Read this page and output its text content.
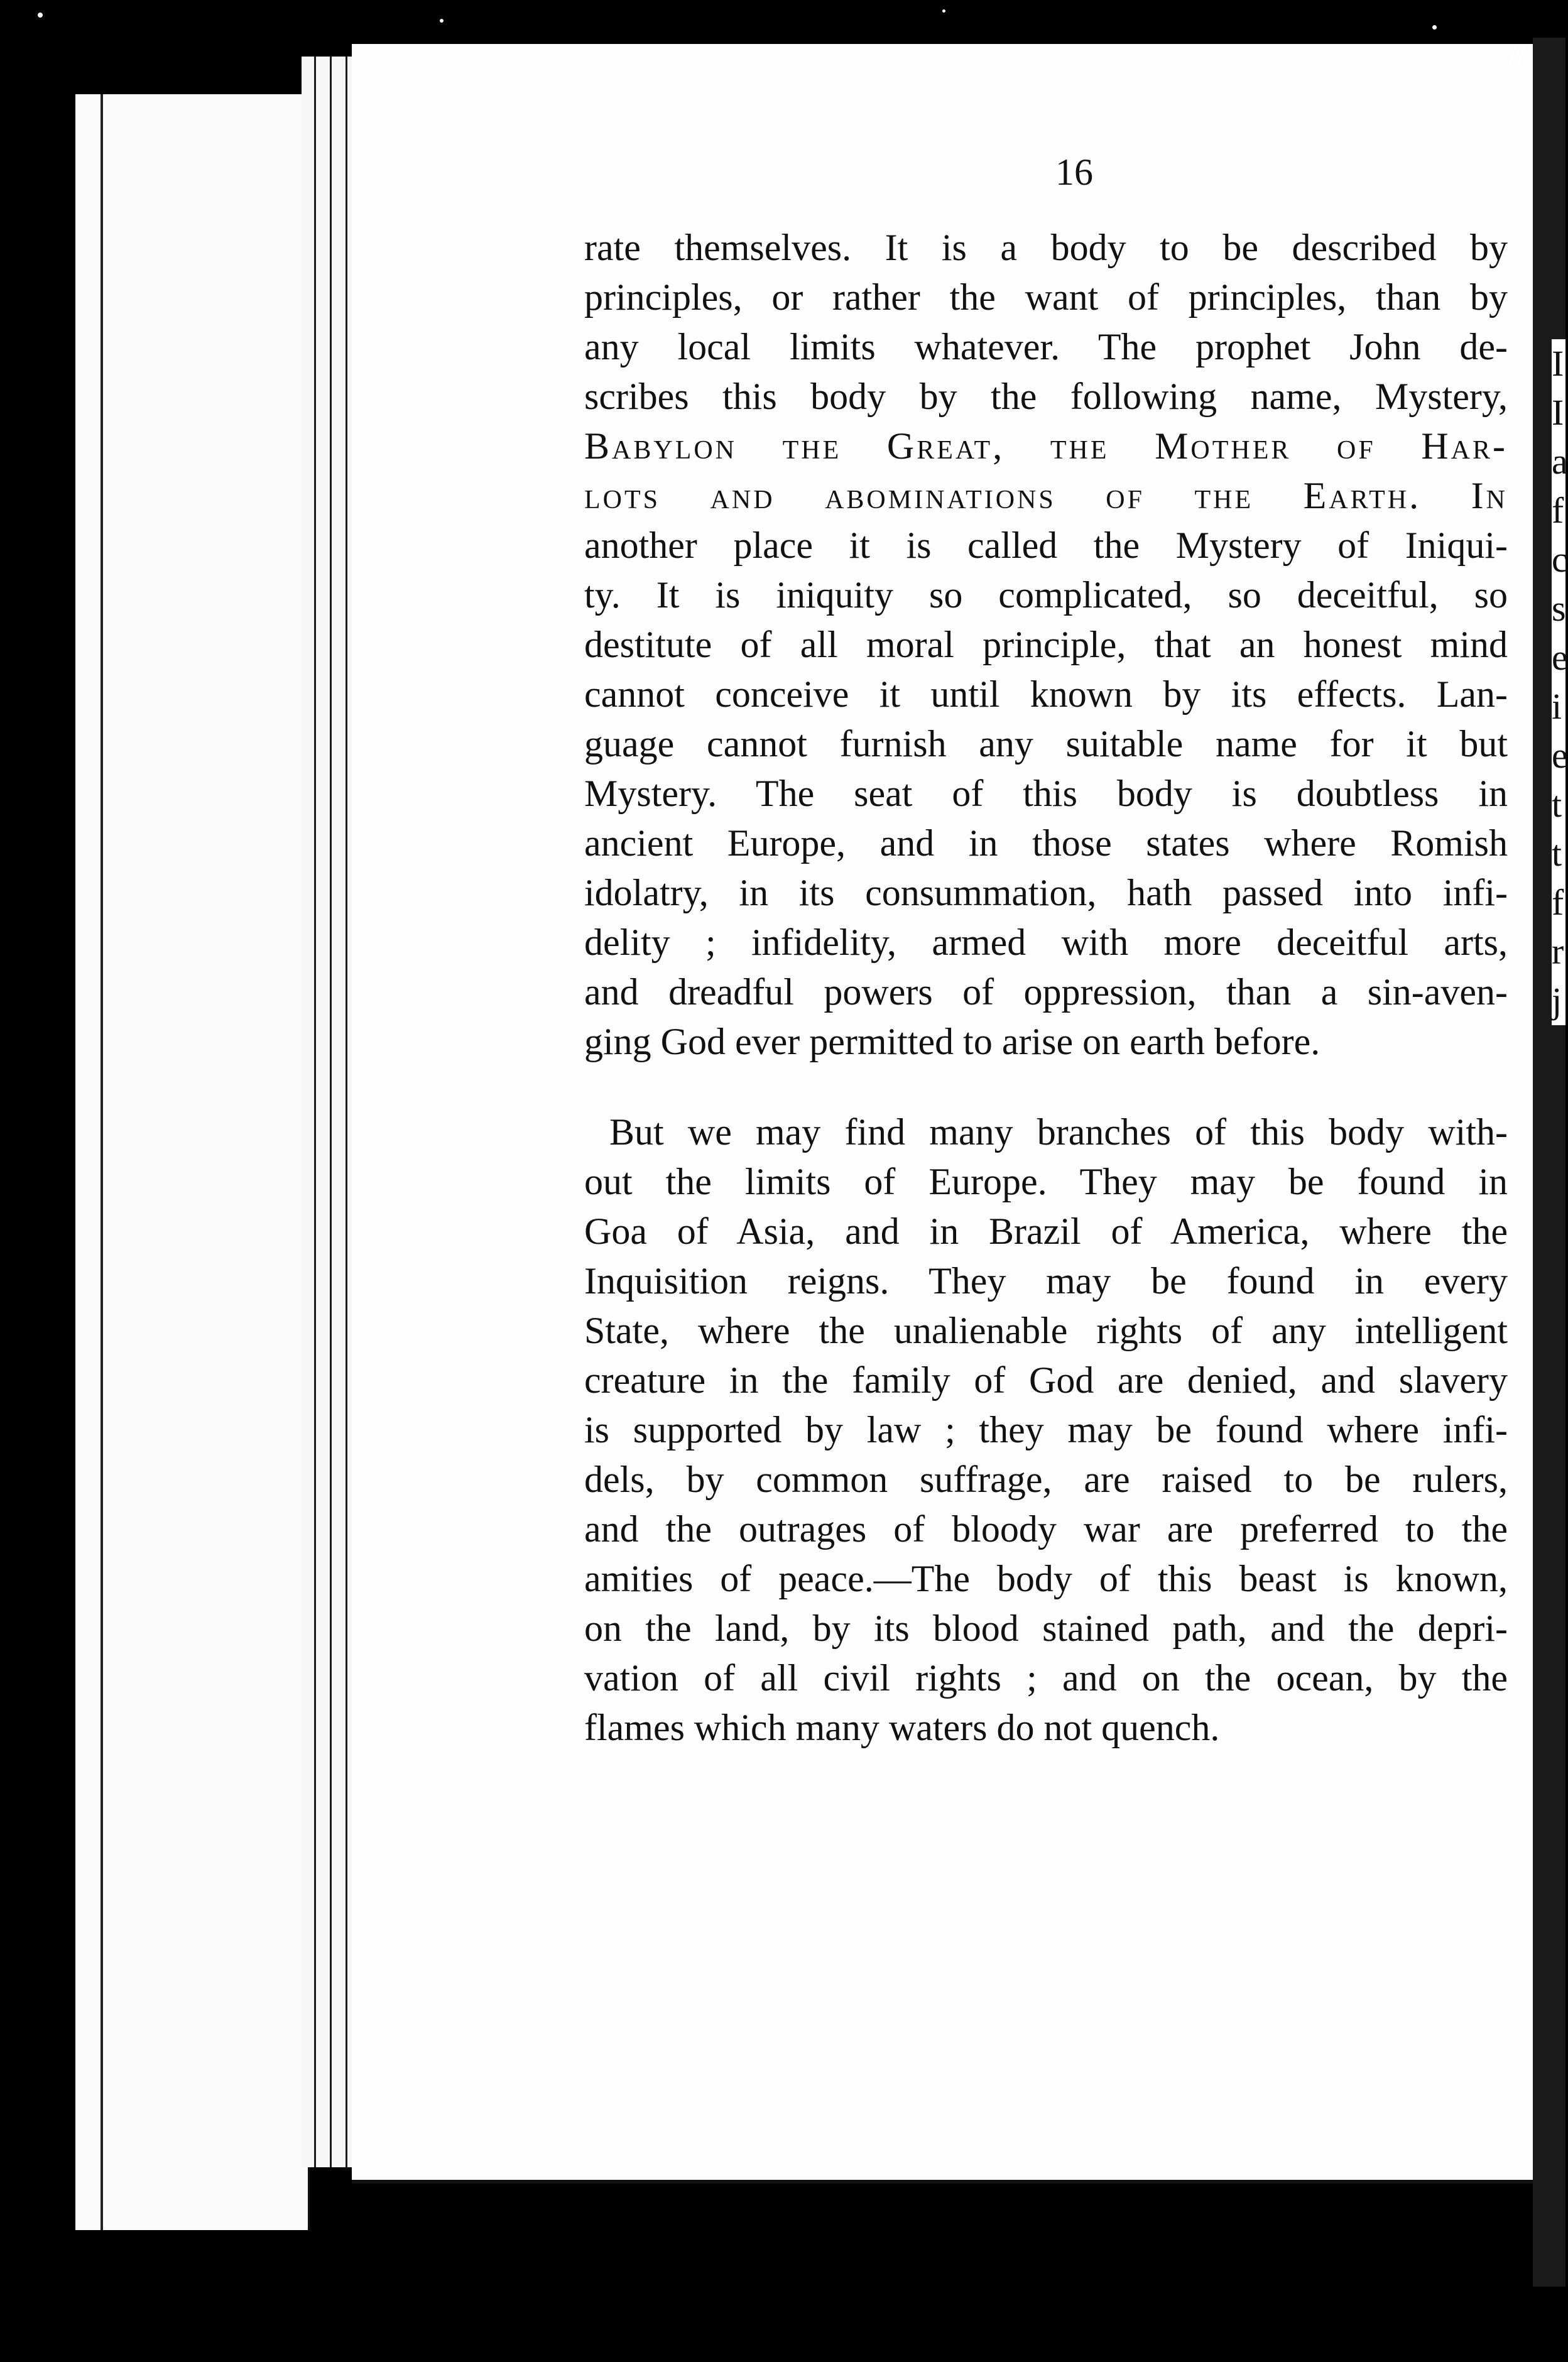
//
I
I
a
f
c
s
e
i
e
t
t
f
r
j
16
rate themselves. It is a body to be described by
principles, or rather the want of principles, than by
any local limits whatever. The prophet John de-
scribes this body by the following name, Mystery,
Babylon the Great, the Mother of Har-
lots and abominations of the Earth. In
another place it is called the Mystery of Iniqui-
ty. It is iniquity so complicated, so deceitful, so
destitute of all moral principle, that an honest mind
cannot conceive it until known by its effects. Lan-
guage cannot furnish any suitable name for it but
Mystery. The seat of this body is doubtless in
ancient Europe, and in those states where Romish
idolatry, in its consummation, hath passed into infi-
delity ; infidelity, armed with more deceitful arts,
and dreadful powers of oppression, than a sin-aven-
ging God ever permitted to arise on earth before.
But we may find many branches of this body with-
out the limits of Europe. They may be found in
Goa of Asia, and in Brazil of America, where the
Inquisition reigns. They may be found in every
State, where the unalienable rights of any intelligent
creature in the family of God are denied, and slavery
is supported by law ; they may be found where infi-
dels, by common suffrage, are raised to be rulers,
and the outrages of bloody war are preferred to the
amities of peace.—The body of this beast is known,
on the land, by its blood stained path, and the depri-
vation of all civil rights ; and on the ocean, by the
flames which many waters do not quench.
